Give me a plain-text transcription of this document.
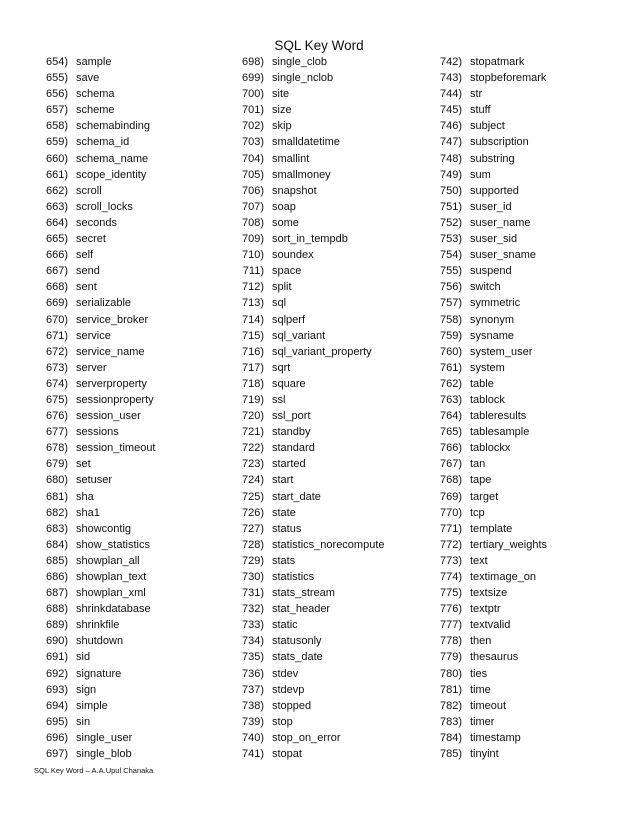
SQL Key Word
654) sample
655) save
656) schema
657) scheme
658) schemabinding
659) schema_id
660) schema_name
661) scope_identity
662) scroll
663) scroll_locks
664) seconds
665) secret
666) self
667) send
668) sent
669) serializable
670) service_broker
671) service
672) service_name
673) server
674) serverproperty
675) sessionproperty
676) session_user
677) sessions
678) session_timeout
679) set
680) setuser
681) sha
682) sha1
683) showcontig
684) show_statistics
685) showplan_all
686) showplan_text
687) showplan_xml
688) shrinkdatabase
689) shrinkfile
690) shutdown
691) sid
692) signature
693) sign
694) simple
695) sin
696) single_user
697) single_blob
698) single_clob
699) single_nclob
700) site
701) size
702) skip
703) smalldatetime
704) smallint
705) smallmoney
706) snapshot
707) soap
708) some
709) sort_in_tempdb
710) soundex
711) space
712) split
713) sql
714) sqlperf
715) sql_variant
716) sql_variant_property
717) sqrt
718) square
719) ssl
720) ssl_port
721) standby
722) standard
723) started
724) start
725) start_date
726) state
727) status
728) statistics_norecompute
729) stats
730) statistics
731) stats_stream
732) stat_header
733) static
734) statusonly
735) stats_date
736) stdev
737) stdevp
738) stopped
739) stop
740) stop_on_error
741) stopat
742) stopatmark
743) stopbeforemark
744) str
745) stuff
746) subject
747) subscription
748) substring
749) sum
750) supported
751) suser_id
752) suser_name
753) suser_sid
754) suser_sname
755) suspend
756) switch
757) symmetric
758) synonym
759) sysname
760) system_user
761) system
762) table
763) tablock
764) tableresults
765) tablesample
766) tablockx
767) tan
768) tape
769) target
770) tcp
771) template
772) tertiary_weights
773) text
774) textimage_on
775) textsize
776) textptr
777) textvalid
778) then
779) thesaurus
780) ties
781) time
782) timeout
783) timer
784) timestamp
785) tinyint
SQL Key Word – A.A.Upul Chanaka
